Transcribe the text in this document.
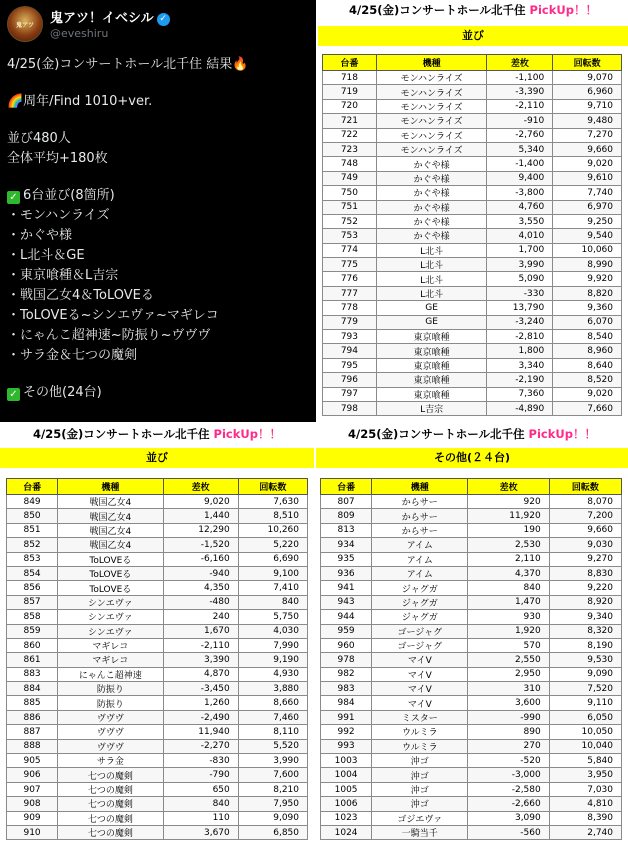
鬼アツ 鬼アツ！イベシル ✓
@eveshiru
4/25(金)コンサートホール北千住 結果🔥
🌈周年/Find 1010+ver.
並び480人
全体平均+180枚
✓ 6台並び(8箇所)
・モンハンライズ
・かぐや様
・L北斗＆GE
・東京喰種＆L吉宗
・戦国乙女4＆ToLOVEる
・ToLOVEる~シンエヴァ~マギレコ
・にゃんこ超神速~防振り~ヴヴヴ
・サラ金＆七つの魔剣
✓ その他(24台)
4/25(金)コンサートホール北千住 PickUp！！
並び
台番	機種	差枚	回転数
718	モンハンライズ	-1,100	9,070
719	モンハンライズ	-3,390	6,960
720	モンハンライズ	-2,110	9,710
721	モンハンライズ	-910	9,480
722	モンハンライズ	-2,760	7,270
723	モンハンライズ	5,340	9,660
748	かぐや様	-1,400	9,020
749	かぐや様	9,400	9,610
750	かぐや様	-3,800	7,740
751	かぐや様	4,760	6,970
752	かぐや様	3,550	9,250
753	かぐや様	4,010	9,540
774	L北斗	1,700	10,060
775	L北斗	3,990	8,990
776	L北斗	5,090	9,920
777	L北斗	-330	8,820
778	GE	13,790	9,360
779	GE	-3,240	6,070
793	東京喰種	-2,810	8,540
794	東京喰種	1,800	8,960
795	東京喰種	3,340	8,640
796	東京喰種	-2,190	8,520
797	東京喰種	7,360	9,020
798	L吉宗	-4,890	7,660
4/25(金)コンサートホール北千住 PickUp！！
並び
台番	機種	差枚	回転数
849	戦国乙女4	9,020	7,630
850	戦国乙女4	1,440	8,510
851	戦国乙女4	12,290	10,260
852	戦国乙女4	-1,520	5,220
853	ToLOVEる	-6,160	6,690
854	ToLOVEる	-940	9,100
856	ToLOVEる	4,350	7,410
857	シンエヴァ	-480	840
858	シンエヴァ	240	5,750
859	シンエヴァ	1,670	4,030
860	マギレコ	-2,110	7,990
861	マギレコ	3,390	9,190
883	にゃんこ超神速	4,870	4,930
884	防振り	-3,450	3,880
885	防振り	1,260	8,660
886	ヴヴヴ	-2,490	7,460
887	ヴヴヴ	11,940	8,110
888	ヴヴヴ	-2,270	5,520
905	サラ金	-830	3,990
906	七つの魔剣	-790	7,600
907	七つの魔剣	650	8,210
908	七つの魔剣	840	7,950
909	七つの魔剣	110	9,090
910	七つの魔剣	3,670	6,850
4/25(金)コンサートホール北千住 PickUp！！
その他(２４台)
台番	機種	差枚	回転数
807	からサー	920	8,070
809	からサー	11,920	7,200
813	からサー	190	9,660
934	アイム	2,530	9,030
935	アイム	2,110	9,270
936	アイム	4,370	8,830
941	ジャグガ	840	9,220
943	ジャグガ	1,470	8,920
944	ジャグガ	930	9,340
959	ゴージャグ	1,920	8,320
960	ゴージャグ	570	8,190
978	マイV	2,550	9,530
982	マイV	2,950	9,090
983	マイV	310	7,520
984	マイV	3,600	9,110
991	ミスター	-990	6,050
992	ウルミラ	890	10,050
993	ウルミラ	270	10,040
1003	沖ゴ	-520	5,840
1004	沖ゴ	-3,000	3,950
1005	沖ゴ	-2,580	7,030
1006	沖ゴ	-2,660	4,810
1023	ゴジエヴァ	3,090	8,390
1024	一騎当千	-560	2,740
